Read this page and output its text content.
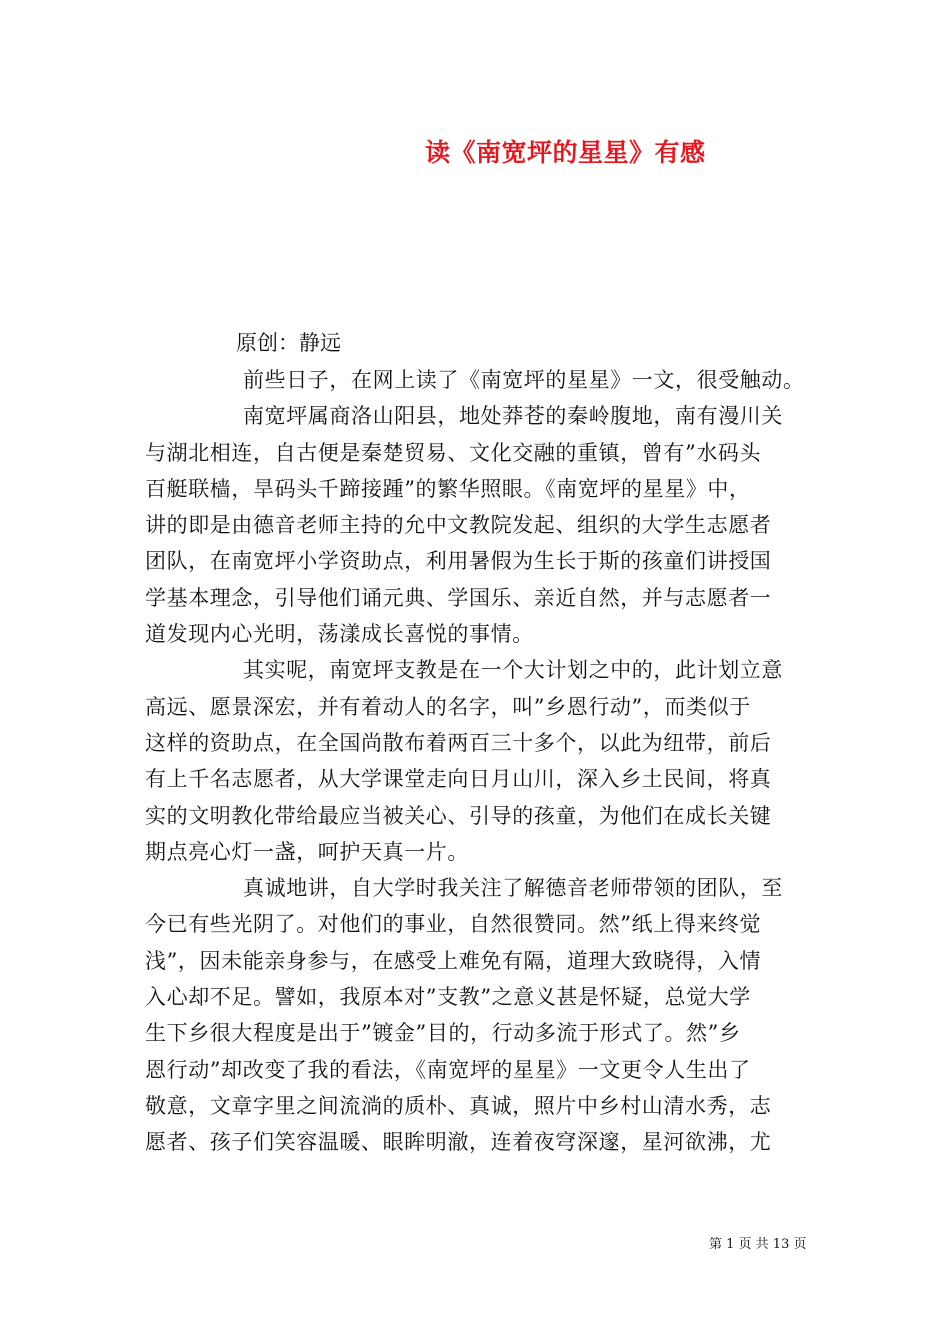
读《南宽坪的星星》有感
原创：静远
前些日子，在网上读了《南宽坪的星星》一文，很受触动。
南宽坪属商洛山阳县，地处莽苍的秦岭腹地，南有漫川关
与湖北相连，自古便是秦楚贸易、文化交融的重镇，曾有”水码头
百艇联樯，旱码头千蹄接踵”的繁华照眼。《南宽坪的星星》中，
讲的即是由德音老师主持的允中文教院发起、组织的大学生志愿者
团队，在南宽坪小学资助点，利用暑假为生长于斯的孩童们讲授国
学基本理念，引导他们诵元典、学国乐、亲近自然，并与志愿者一
道发现内心光明，荡漾成长喜悦的事情。
其实呢，南宽坪支教是在一个大计划之中的，此计划立意
高远、愿景深宏，并有着动人的名字，叫”乡恩行动”，而类似于
这样的资助点，在全国尚散布着两百三十多个，以此为纽带，前后
有上千名志愿者，从大学课堂走向日月山川，深入乡土民间，将真
实的文明教化带给最应当被关心、引导的孩童，为他们在成长关键
期点亮心灯一盏，呵护天真一片。
真诚地讲，自大学时我关注了解德音老师带领的团队，至
今已有些光阴了。对他们的事业，自然很赞同。然”纸上得来终觉
浅”，因未能亲身参与，在感受上难免有隔，道理大致晓得，入情
入心却不足。譬如，我原本对”支教”之意义甚是怀疑，总觉大学
生下乡很大程度是出于”镀金”目的，行动多流于形式了。然”乡
恩行动”却改变了我的看法，《南宽坪的星星》一文更令人生出了
敬意，文章字里之间流淌的质朴、真诚，照片中乡村山清水秀，志
愿者、孩子们笑容温暖、眼眸明澈，连着夜穹深邃，星河欲沸，尤
第 1 页 共 13 页
